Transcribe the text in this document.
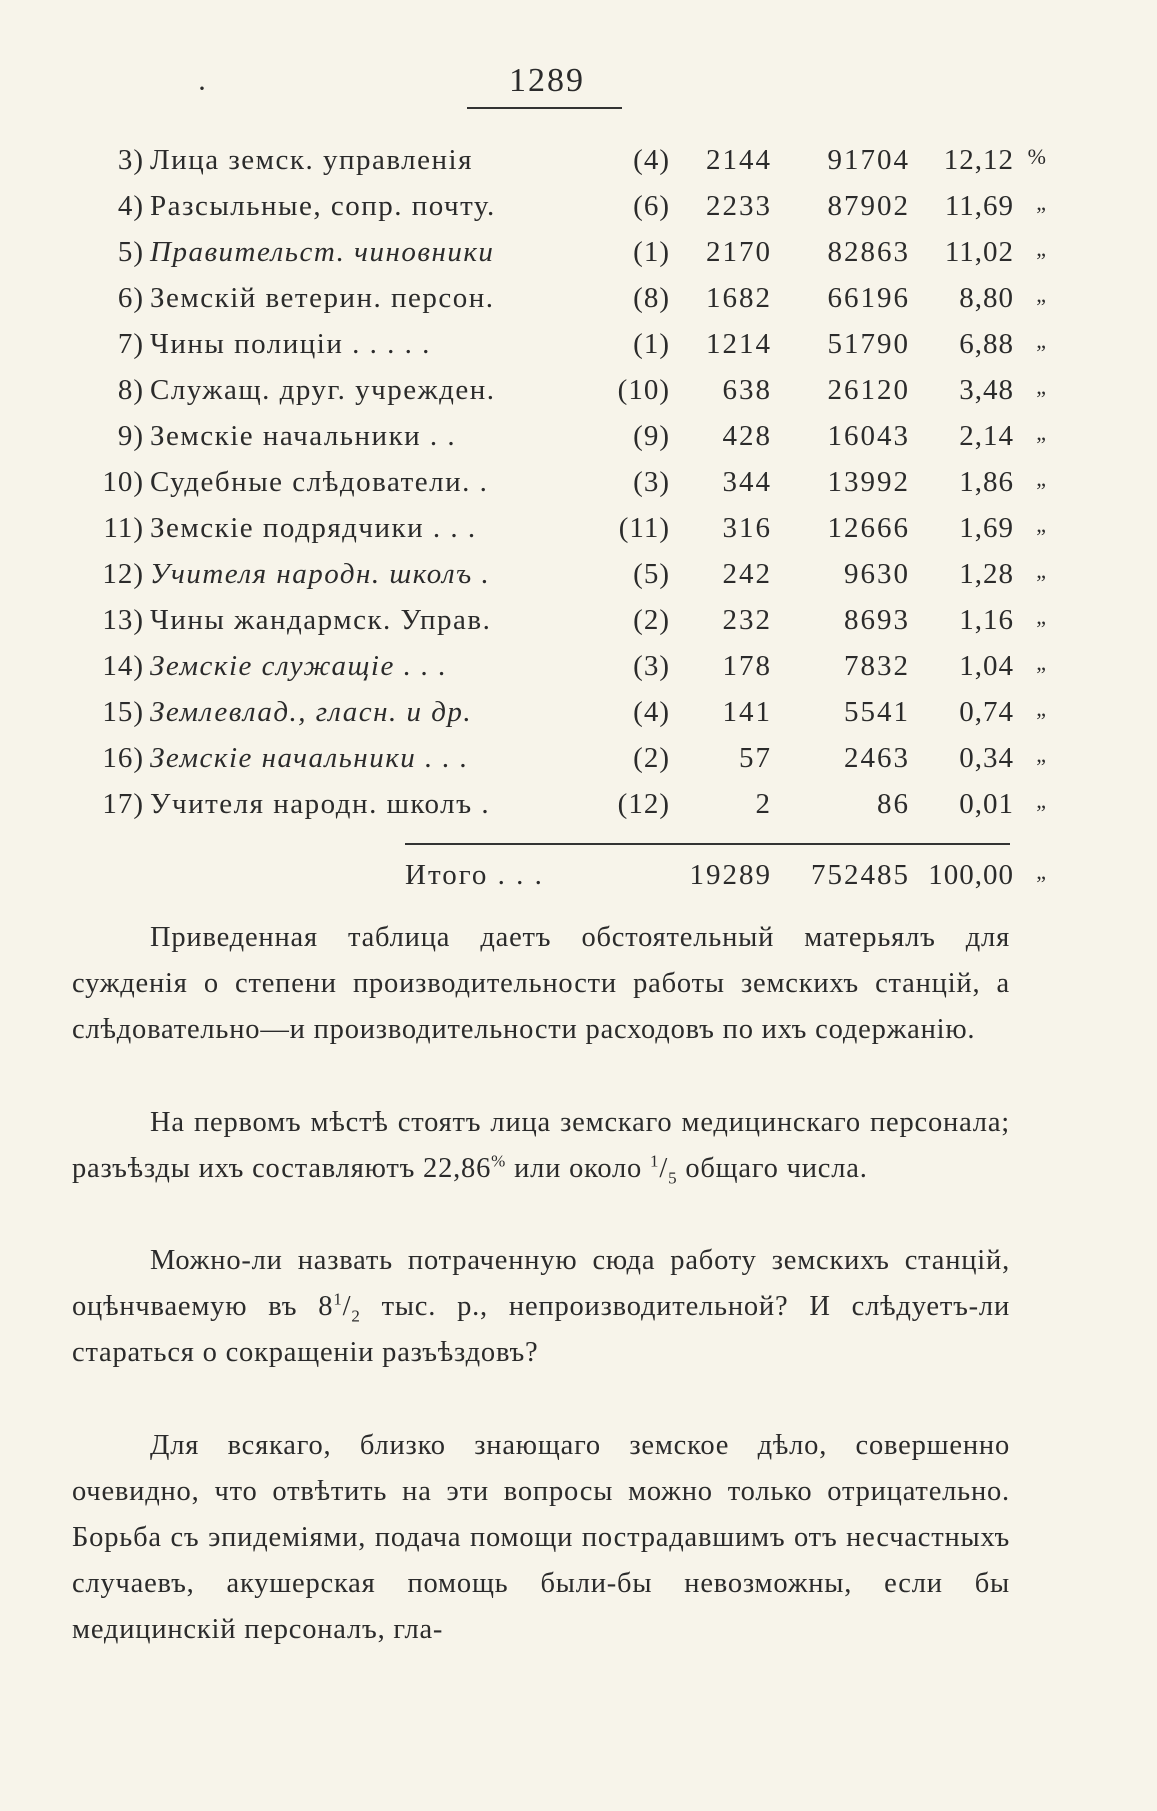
·	1289
3) Лица земск. управленія	(4)	2144	91704	12,12 %
4) Разсыльные, сопр. почту.	(6)	2233	87902	11,69	„
5) Правительст. чиновники	(1)	2170	82863	11,02	„
6) Земскій ветерин. персон.	(8)	1682	66196	8,80	„
7) Чины полиціи . . . . .	(1)	1214	51790	6,88	„
8) Служащ. друг. учрежден.	(10)	638	26120	3,48	„
9) Земскіе начальники . .	(9)	428	16043	2,14	„
10) Судебные слѣдователи. .	(3)	344	13992	1,86	„
11) Земскіе подрядчики . . .	(11)	316	12666	1,69	„
12) Учителя народн. школъ .	(5)	242	9630	1,28	„
13) Чины жандармск. Управ.	(2)	232	8693	1,16	„
14) Земскіе служащіе . . .	(3)	178	7832	1,04	„
15) Землевлад., гласн. и др.	(4)	141	5541	0,74	„
16) Земскіе начальники . . .	(2)	57	2463	0,34	„
17) Учителя народн. школъ .	(12)	2	86	0,01	„
Итого . . .	19289	752485 100,00	„

Приведенная таблица даетъ обстоятельный матерьялъ для сужденія о степени производительности работы земскихъ станцій, а слѣдовательно—и производительности расходовъ по ихъ содержанію.

На первомъ мѣстѣ стоятъ лица земскаго медицинскаго персонала; разъѣзды ихъ составляютъ 22,86% или около $^1/_5$ общаго числа.

Можно-ли назвать потраченную сюда работу земскихъ станцій, оцѣнчваемую въ $8^1/_2$ тыс. р., непроизводительной? И слѣдуетъ-ли стараться о сокращеніи разъѣздовъ?

Для всякаго, близко знающаго земское дѣло, совершенно очевидно, что отвѣтить на эти вопросы можно только отрицательно. Борьба съ эпидеміями, подача помощи пострадавшимъ отъ несчастныхъ случаевъ, акушерская помощь были-бы невозможны, если бы медицинскій персоналъ, гла-
